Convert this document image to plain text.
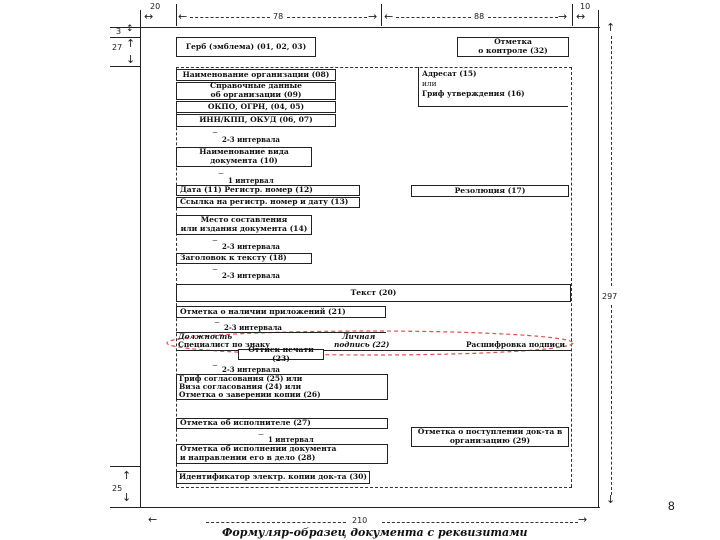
20
↔ ←	78	→ ←	88	→
10
↔
3 ↕
27 ↑
↓
↑
25
↓
↑
297
↓
←	210	→
Герб (эмблема) (01, 02, 03)	Отметка
о контроле (32)
Наименование организации (08)
Справочные данные
об организации (09)
ОКПО, ОГРН, (04, 05)
ИНН/КПП, ОКУД (06, 07)
Адресат (15)
или
Гриф утверждения (16)
⌣
2-3 интервала
Наименование вида
документа (10)
⌣
1 интервал
Дата (11) Регистр. номер (12)
Ссылка на регистр. номер и дату (13)
Резолюция (17)
Место составления
или издания документа (14)
⌣
2-3 интервала
Заголовок к тексту (18)
⌣
2-3 интервала
Текст (20)
Отметка о наличии приложений (21)
⌣ 2-3 интервала
Должность
Специалист по знаку
Личная
подпись (22)	Расшифровка подписи
Оттиск печати (23)
⌣ 2-3 интервала
Гриф согласования (25) или
Виза согласования (24) или
Отметка о заверении копии (26)
Отметка об исполнителе (27)
Отметка о поступлении док-та в
организацию (29)
⌣ 1 интервал
Отметка об исполнении документа
и направлении его в дело (28)
Идентификатор электр. копии док-та (30)
Формуляр-образец документа с реквизитами
8
